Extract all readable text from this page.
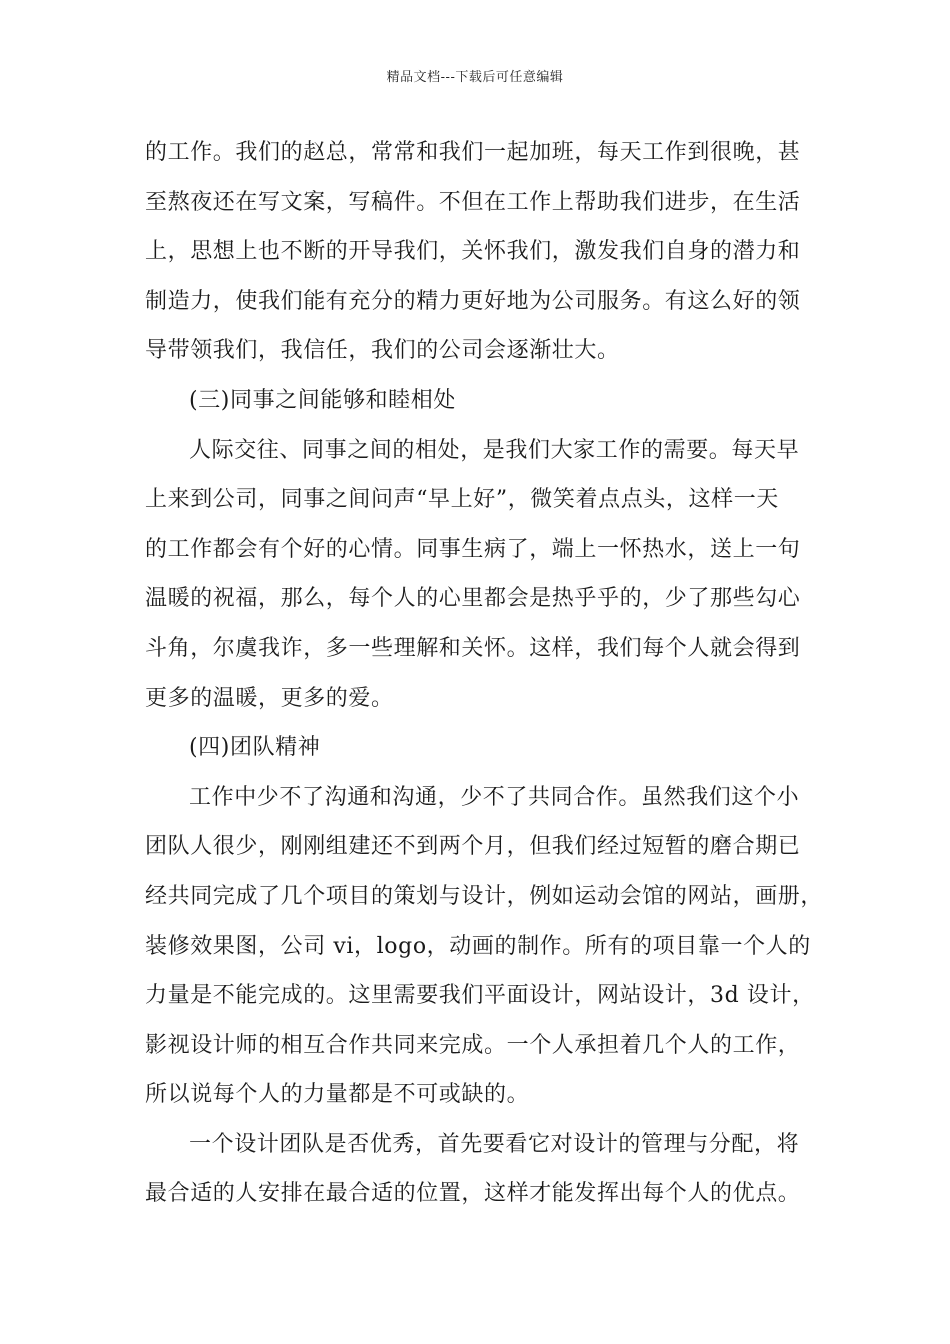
精品文档---下载后可任意编辑
的工作。我们的赵总，常常和我们一起加班，每天工作到很晚，甚
至熬夜还在写文案，写稿件。不但在工作上帮助我们进步，在生活
上，思想上也不断的开导我们，关怀我们，激发我们自身的潜力和
制造力，使我们能有充分的精力更好地为公司服务。有这么好的领
导带领我们，我信任，我们的公司会逐渐壮大。
(三)同事之间能够和睦相处
人际交往、同事之间的相处，是我们大家工作的需要。每天早
上来到公司，同事之间问声“早上好”，微笑着点点头，这样一天
的工作都会有个好的心情。同事生病了，端上一怀热水，送上一句
温暖的祝福，那么，每个人的心里都会是热乎乎的，少了那些勾心
斗角，尔虞我诈，多一些理解和关怀。这样，我们每个人就会得到
更多的温暖，更多的爱。
(四)团队精神
工作中少不了沟通和沟通，少不了共同合作。虽然我们这个小
团队人很少，刚刚组建还不到两个月，但我们经过短暂的磨合期已
经共同完成了几个项目的策划与设计，例如运动会馆的网站，画册，
装修效果图，公司 vi，logo，动画的制作。所有的项目靠一个人的
力量是不能完成的。这里需要我们平面设计，网站设计，3d 设计，
影视设计师的相互合作共同来完成。一个人承担着几个人的工作，
所以说每个人的力量都是不可或缺的。
一个设计团队是否优秀，首先要看它对设计的管理与分配，将
最合适的人安排在最合适的位置，这样才能发挥出每个人的优点。
